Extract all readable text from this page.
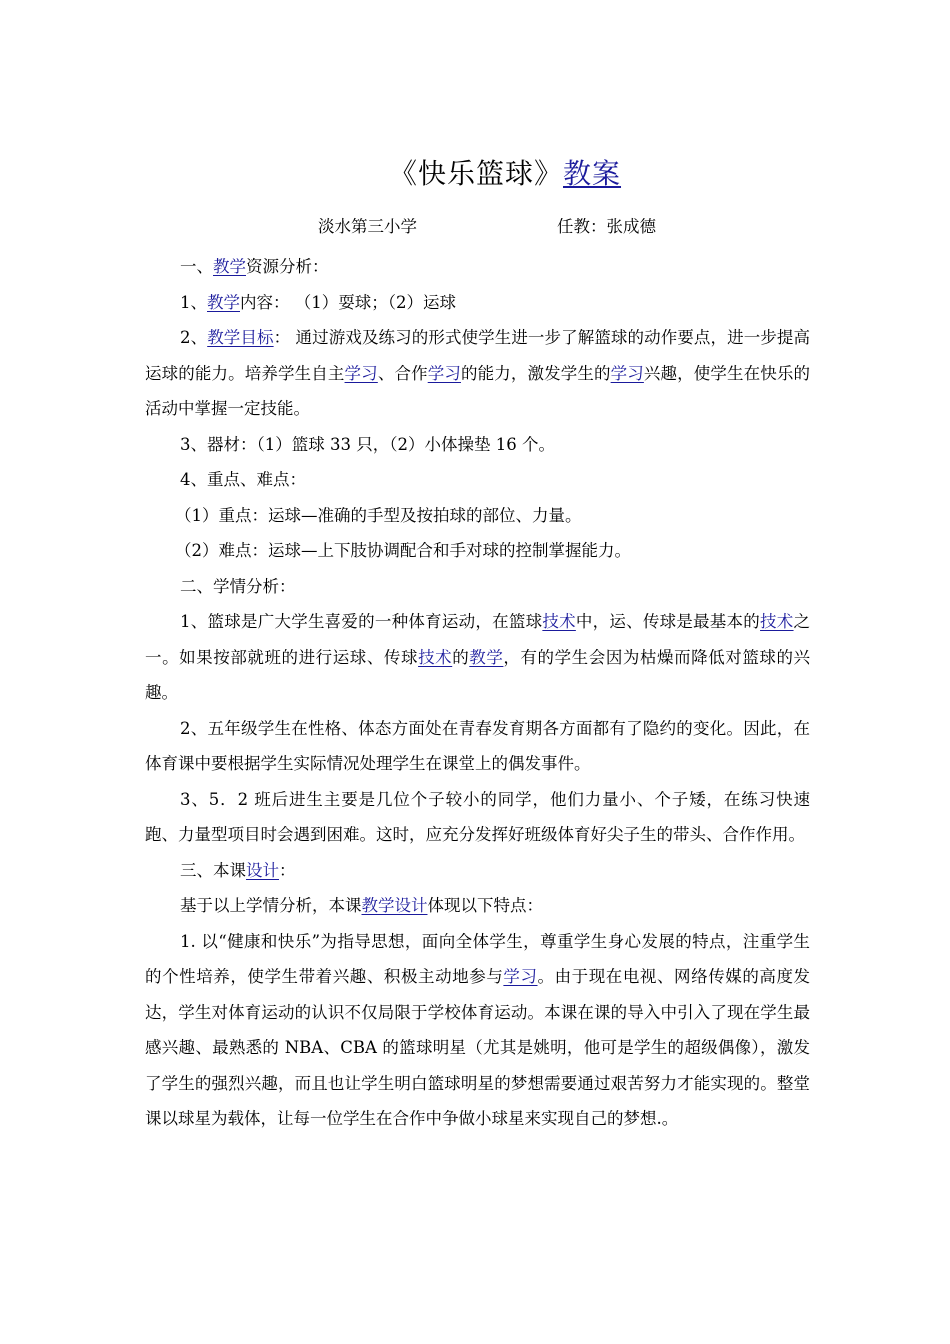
《快乐篮球》教案
淡水第三小学	任教：张成德

一、教学资源分析：

1、教学内容： （1）耍球；（2）运球

2、教学目标： 通过游戏及练习的形式使学生进一步了解篮球的动作要点，进一步提高运球的能力。培养学生自主学习、合作学习的能力，激发学生的学习兴趣，使学生在快乐的活动中掌握一定技能。

3、器材：（1）篮球 33 只，（2）小体操垫 16 个。

4、重点、难点：

（1）重点：运球—准确的手型及按拍球的部位、力量。

（2）难点：运球—上下肢协调配合和手对球的控制掌握能力。

二、学情分析：

1、篮球是广大学生喜爱的一种体育运动，在篮球技术中，运、传球是最基本的技术之一。如果按部就班的进行运球、传球技术的教学，有的学生会因为枯燥而降低对篮球的兴趣。

2、五年级学生在性格、体态方面处在青春发育期各方面都有了隐约的变化。因此，在体育课中要根据学生实际情况处理学生在课堂上的偶发事件。

3、5．2 班后进生主要是几位个子较小的同学，他们力量小、个子矮，在练习快速跑、力量型项目时会遇到困难。这时，应充分发挥好班级体育好尖子生的带头、合作作用。

三、本课设计：

基于以上学情分析，本课教学设计体现以下特点：

1. 以“健康和快乐”为指导思想，面向全体学生，尊重学生身心发展的特点，注重学生的个性培养，使学生带着兴趣、积极主动地参与学习。由于现在电视、网络传媒的高度发达，学生对体育运动的认识不仅局限于学校体育运动。本课在课的导入中引入了现在学生最感兴趣、最熟悉的 NBA、CBA 的篮球明星（尤其是姚明，他可是学生的超级偶像），激发了学生的强烈兴趣，而且也让学生明白篮球明星的梦想需要通过艰苦努力才能实现的。整堂课以球星为载体，让每一位学生在合作中争做小球星来实现自己的梦想.。
